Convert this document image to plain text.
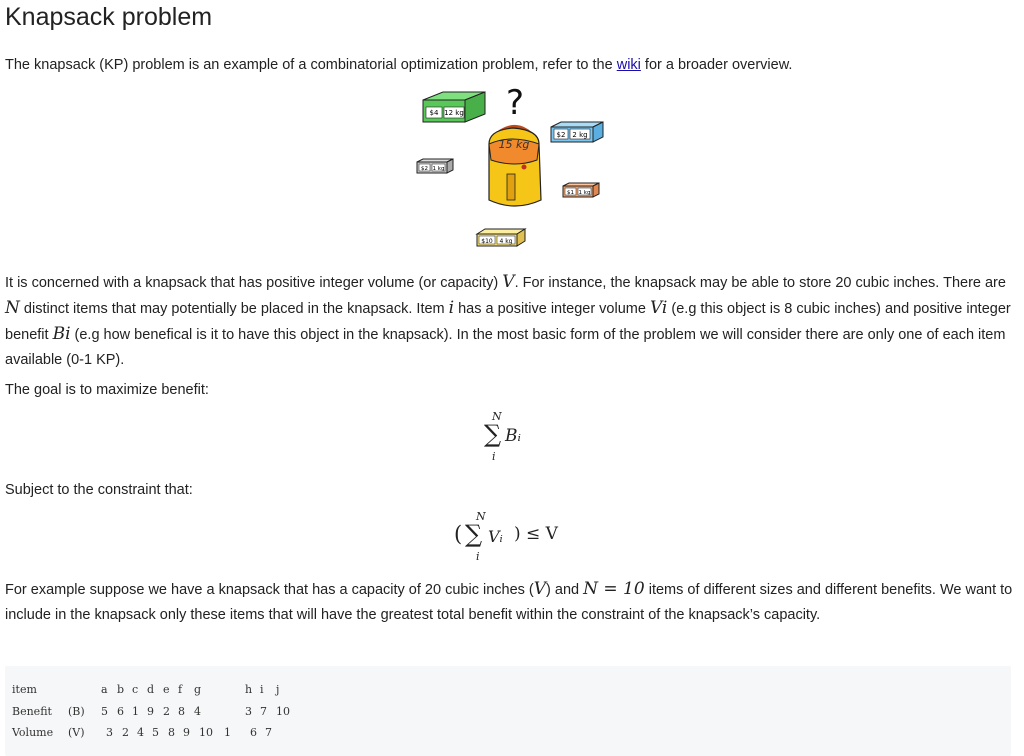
Knapsack problem

The knapsack (KP) problem is an example of a combinatorial optimization problem, refer to the wiki for a broader overview.

$4 12 kg ?
$2 2 kg
15 kg
$2 1 kg
$1 1 kg
$10 4 kg

It is concerned with a knapsack that has positive integer volume (or capacity) V. For instance, the knapsack may be able to store 20 cubic inches. There are N distinct items that may potentially be placed in the knapsack. Item i has a positive integer volume Vi (e.g this object is 8 cubic inches) and positive integer benefit Bi (e.g how benefical is it to have this object in the knapsack). In the most basic form of the problem we will consider there are only one of each item available (0-1 KP).

The goal is to maximize benefit:

N
∑
i
Bᵢ

Subject to the constraint that:

N
( ∑
i
Vᵢ ) ≤ V

For example suppose we have a knapsack that has a capacity of 20 cubic inches (V) and N = 10 items of different sizes and different benefits. We want to include in the knapsack only these items that will have the greatest total benefit within the constraint of the knapsack’s capacity.

item	a b c d e f g	h i j
Benefit (B) 5 6 1 9 2 8 4	3 7 10
Volume (V) 3 2 4 5 8 9 10 1 6 7
